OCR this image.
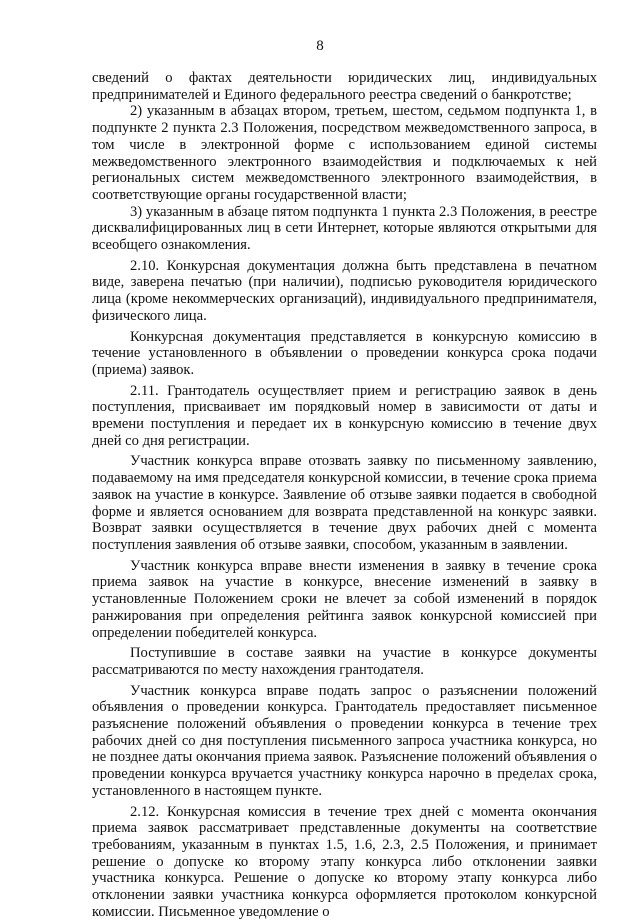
8

сведений о фактах деятельности юридических лиц, индивидуальных предпринимателей и Единого федерального реестра сведений о банкротстве;

2) указанным в абзацах втором, третьем, шестом, седьмом подпункта 1, в подпункте 2 пункта 2.3 Положения, посредством межведомственного запроса, в том числе в электронной форме с использованием единой системы межведомственного электронного взаимодействия и подключаемых к ней региональных систем межведомственного электронного взаимодействия, в соответствующие органы государственной власти;

3) указанным в абзаце пятом подпункта 1 пункта 2.3 Положения, в реестре дисквалифицированных лиц в сети Интернет, которые являются открытыми для всеобщего ознакомления.

2.10. Конкурсная документация должна быть представлена в печатном виде, заверена печатью (при наличии), подписью руководителя юридического лица (кроме некоммерческих организаций), индивидуального предпринимателя, физического лица.

Конкурсная документация представляется в конкурсную комиссию в течение установленного в объявлении о проведении конкурса срока подачи (приема) заявок.

2.11. Грантодатель осуществляет прием и регистрацию заявок в день поступления, присваивает им порядковый номер в зависимости от даты и времени поступления и передает их в конкурсную комиссию в течение двух дней со дня регистрации.

Участник конкурса вправе отозвать заявку по письменному заявлению, подаваемому на имя председателя конкурсной комиссии, в течение срока приема заявок на участие в конкурсе. Заявление об отзыве заявки подается в свободной форме и является основанием для возврата представленной на конкурс заявки. Возврат заявки осуществляется в течение двух рабочих дней с момента поступления заявления об отзыве заявки, способом, указанным в заявлении.

Участник конкурса вправе внести изменения в заявку в течение срока приема заявок на участие в конкурсе, внесение изменений в заявку в установленные Положением сроки не влечет за собой изменений в порядок ранжирования при определения рейтинга заявок конкурсной комиссией при определении победителей конкурса.

Поступившие в составе заявки на участие в конкурсе документы рассматриваются по месту нахождения грантодателя.

Участник конкурса вправе подать запрос о разъяснении положений объявления о проведении конкурса. Грантодатель предоставляет письменное разъяснение положений объявления о проведении конкурса в течение трех рабочих дней со дня поступления письменного запроса участника конкурса, но не позднее даты окончания приема заявок. Разъяснение положений объявления о проведении конкурса вручается участнику конкурса нарочно в пределах срока, установленного в настоящем пункте.

2.12. Конкурсная комиссия в течение трех дней с момента окончания приема заявок рассматривает представленные документы на соответствие требованиям, указанным в пунктах 1.5, 1.6, 2.3, 2.5 Положения, и принимает решение о допуске ко второму этапу конкурса либо отклонении заявки участника конкурса. Решение о допуске ко второму этапу конкурса либо отклонении заявки участника конкурса оформляется протоколом конкурсной комиссии. Письменное уведомление о
